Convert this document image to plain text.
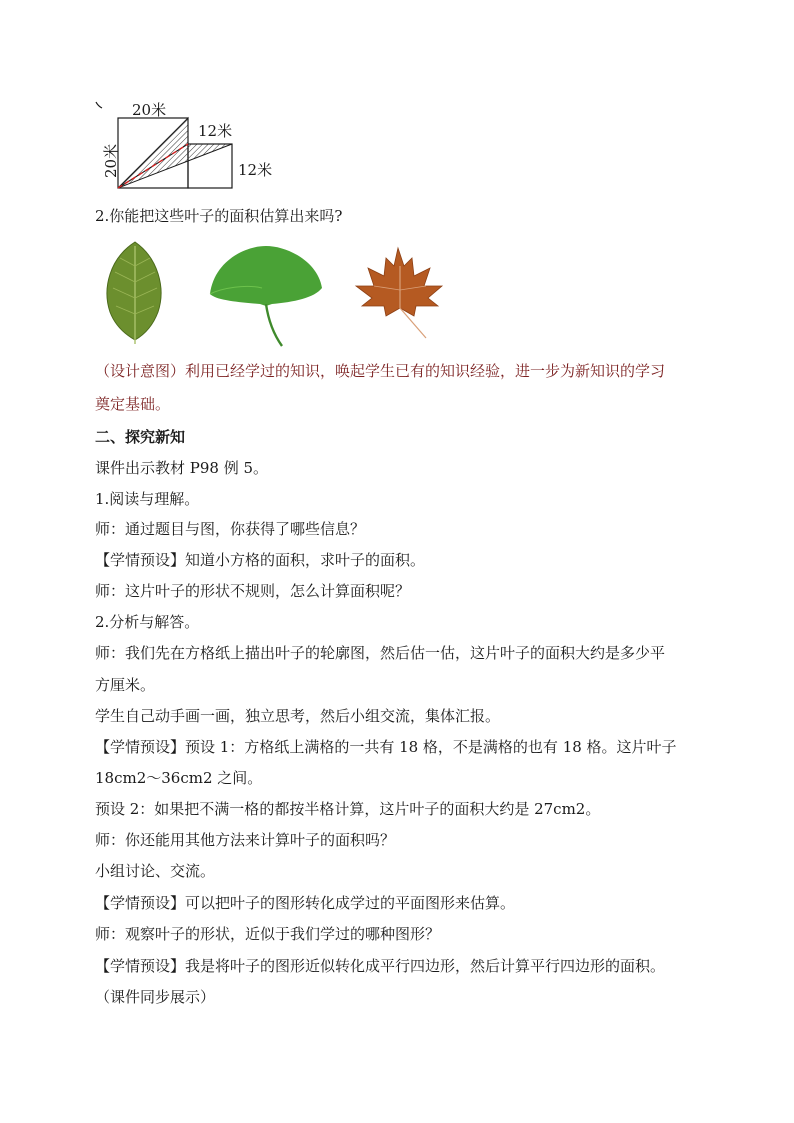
20米
12米
12米
20米
2.你能把这些叶子的面积估算出来吗?
（设计意图）利用已经学过的知识，唤起学生已有的知识经验，进一步为新知识的学习
奠定基础。
二、探究新知
课件出示教材 P98 例 5。
1.阅读与理解。
师：通过题目与图，你获得了哪些信息？
【学情预设】知道小方格的面积，求叶子的面积。
师：这片叶子的形状不规则，怎么计算面积呢？
2.分析与解答。
师：我们先在方格纸上描出叶子的轮廓图，然后估一估，这片叶子的面积大约是多少平
方厘米。
学生自己动手画一画，独立思考，然后小组交流，集体汇报。
【学情预设】预设 1：方格纸上满格的一共有 18 格，不是满格的也有 18 格。这片叶子
18cm2～36cm2 之间。
预设 2：如果把不满一格的都按半格计算，这片叶子的面积大约是 27cm2。
师：你还能用其他方法来计算叶子的面积吗？
小组讨论、交流。
【学情预设】可以把叶子的图形转化成学过的平面图形来估算。
师：观察叶子的形状，近似于我们学过的哪种图形？
【学情预设】我是将叶子的图形近似转化成平行四边形，然后计算平行四边形的面积。
（课件同步展示）
